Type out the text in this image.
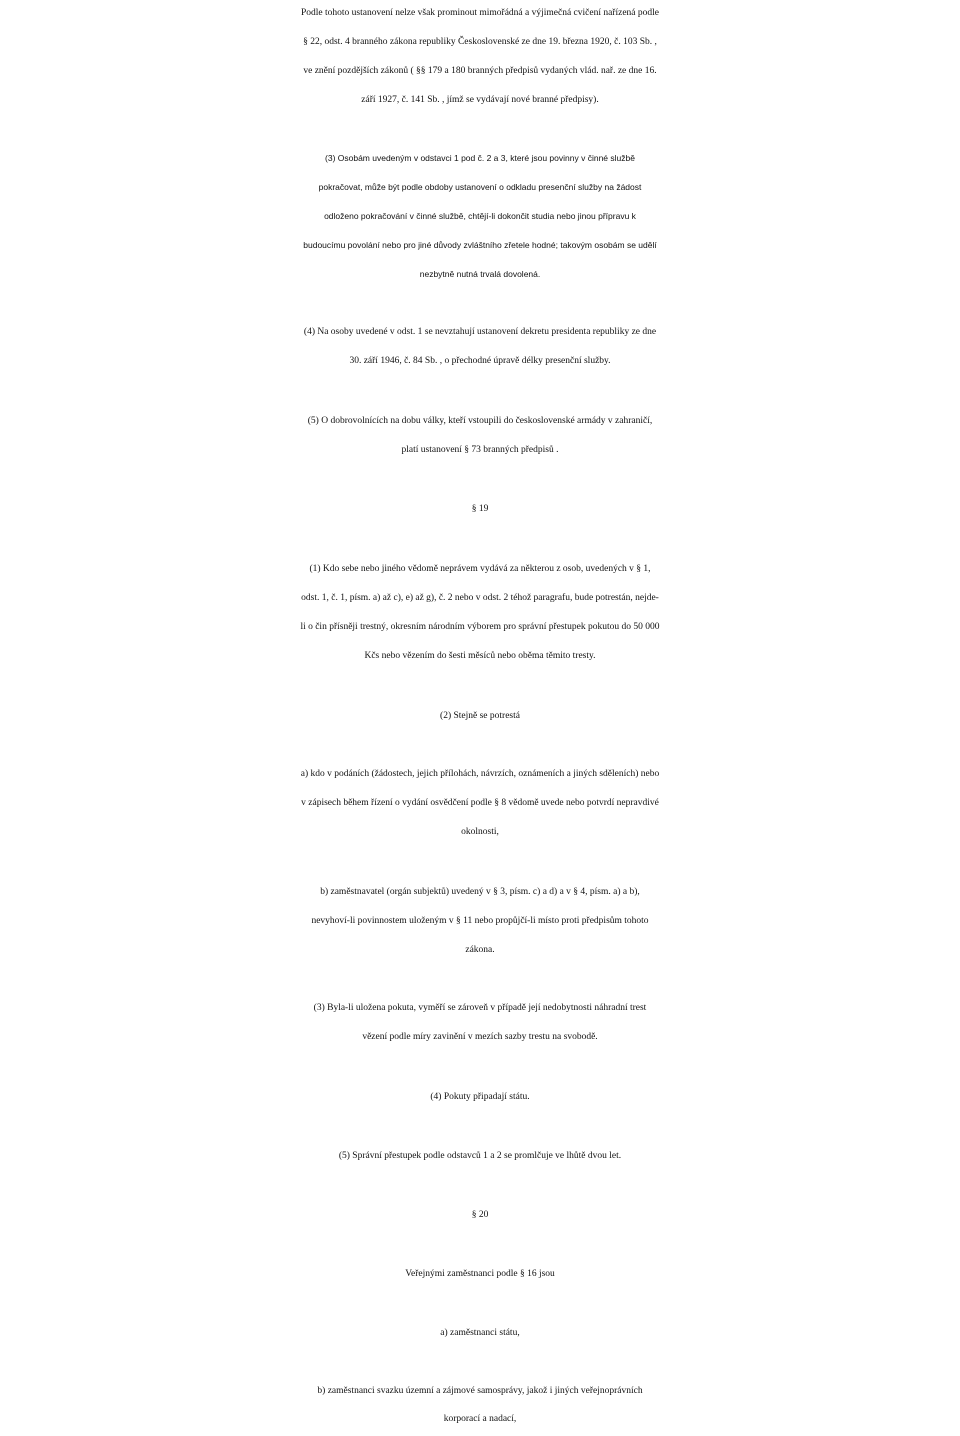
Podle tohoto ustanovení nelze však prominout mimořádná a výjimečná cvičení nařízená podle
§ 22, odst. 4 branného zákona republiky Československé ze dne 19. března 1920, č. 103 Sb. ,
ve znění pozdějších zákonů ( §§ 179 a 180 branných předpisů vydaných vlád. nař. ze dne 16.
září 1927, č. 141 Sb. , jímž se vydávají nové branné předpisy).
(3) Osobám uvedeným v odstavci 1 pod č. 2 a 3, které jsou povinny v činné službě
pokračovat, může být podle obdoby ustanovení o odkladu presenční služby na žádost
odloženo pokračování v činné službě, chtějí-li dokončit studia nebo jinou přípravu k
budoucímu povolání nebo pro jiné důvody zvláštního zřetele hodné; takovým osobám se udělí
nezbytně nutná trvalá dovolená.
(4) Na osoby uvedené v odst. 1 se nevztahují ustanovení dekretu presidenta republiky ze dne
30. září 1946, č. 84 Sb. , o přechodné úpravě délky presenční služby.
(5) O dobrovolnících na dobu války, kteří vstoupili do československé armády v zahraničí,
platí ustanovení § 73 branných předpisů .
§ 19
(1) Kdo sebe nebo jiného vědomě neprávem vydává za některou z osob, uvedených v § 1,
odst. 1, č. 1, písm. a) až c), e) až g), č. 2 nebo v odst. 2 téhož paragrafu, bude potrestán, nejde-
li o čin přísněji trestný, okresním národním výborem pro správní přestupek pokutou do 50 000
Kčs nebo vězením do šesti měsíců nebo oběma těmito tresty.
(2) Stejně se potrestá
a) kdo v podáních (žádostech, jejich přílohách, návrzích, oznámeních a jiných sděleních) nebo
v zápisech během řízení o vydání osvědčení podle § 8 vědomě uvede nebo potvrdí nepravdivé
okolnosti,
b) zaměstnavatel (orgán subjektů) uvedený v § 3, písm. c) a d) a v § 4, písm. a) a b),
nevyhoví-li povinnostem uloženým v § 11 nebo propůjčí-li místo proti předpisům tohoto
zákona.
(3) Byla-li uložena pokuta, vyměří se zároveň v případě její nedobytnosti náhradní trest
vězení podle míry zavinění v mezích sazby trestu na svobodě.
(4) Pokuty připadají státu.
(5) Správní přestupek podle odstavců 1 a 2 se promlčuje ve lhůtě dvou let.
§ 20
Veřejnými zaměstnanci podle § 16 jsou
a) zaměstnanci státu,
b) zaměstnanci svazku územní a zájmové samosprávy, jakož i jiných veřejnoprávních
korporací a nadací,
